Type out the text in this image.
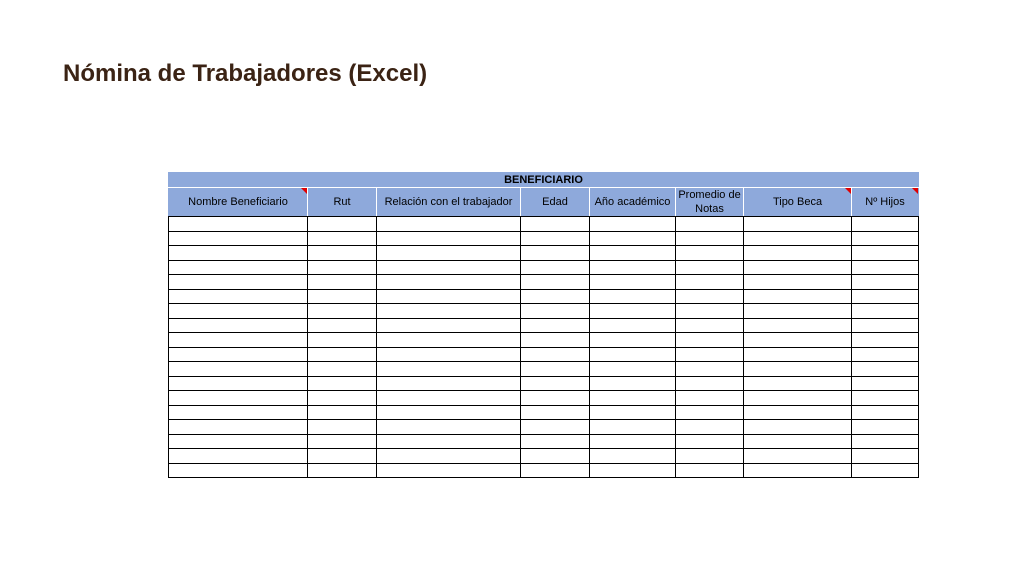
Nómina de Trabajadores (Excel)
BENEFICIARIO							
Nombre Beneficiario	Rut	Relación con el trabajador	Edad	Año académico	Promedio de Notas	Tipo Beca	Nº Hijos
